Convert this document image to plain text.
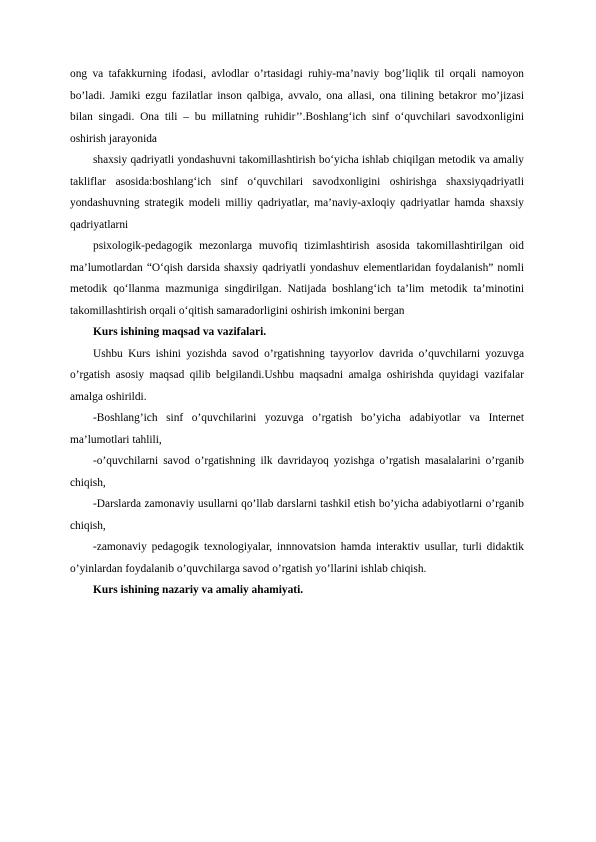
ong va tafakkurning ifodasi, avlodlar o’rtasidagi ruhiy-ma’naviy bog’liqlik til orqali namoyon bo’ladi. Jamiki ezgu fazilatlar inson qalbiga, avvalo, ona allasi, ona tilining betakror mo’jizasi bilan singadi. Ona tili – bu millatning ruhidir’’.Boshlang‘ich sinf o‘quvchilari savodxonligini oshirish jarayonida

shaxsiy qadriyatli yondashuvni takomillashtirish bo‘yicha ishlab chiqilgan metodik va amaliy takliflar asosida:boshlang‘ich sinf o‘quvchilari savodxonligini oshirishga shaxsiyqadriyatli yondashuvning strategik modeli milliy qadriyatlar, ma’naviy-axloqiy qadriyatlar hamda shaxsiy qadriyatlarni

psixologik-pedagogik mezonlarga muvofiq tizimlashtirish asosida takomillashtirilgan oid ma’lumotlardan “O‘qish darsida shaxsiy qadriyatli yondashuv elementlaridan foydalanish” nomli metodik qo‘llanma mazmuniga singdirilgan. Natijada boshlang‘ich ta’lim metodik ta’minotini takomillashtirish orqali o‘qitish samaradorligini oshirish imkonini bergan

Kurs ishining maqsad va vazifalari.

Ushbu Kurs ishini yozishda savod o’rgatishning tayyorlov davrida o’quvchilarni yozuvga o’rgatish asosiy maqsad qilib belgilandi.Ushbu maqsadni amalga oshirishda quyidagi vazifalar amalga oshirildi.

-Boshlang’ich sinf o’quvchilarini yozuvga o’rgatish bo’yicha adabiyotlar va Internet ma’lumotlari tahlili,

-o’quvchilarni savod o’rgatishning ilk davridayoq yozishga o’rgatish masalalarini o’rganib chiqish,

-Darslarda zamonaviy usullarni qo’llab darslarni tashkil etish bo’yicha adabiyotlarni o’rganib chiqish,

-zamonaviy pedagogik texnologiyalar, innnovatsion hamda interaktiv usullar, turli didaktik o’yinlardan foydalanib o’quvchilarga savod o’rgatish yo’llarini ishlab chiqish.

Kurs ishining nazariy va amaliy ahamiyati.
